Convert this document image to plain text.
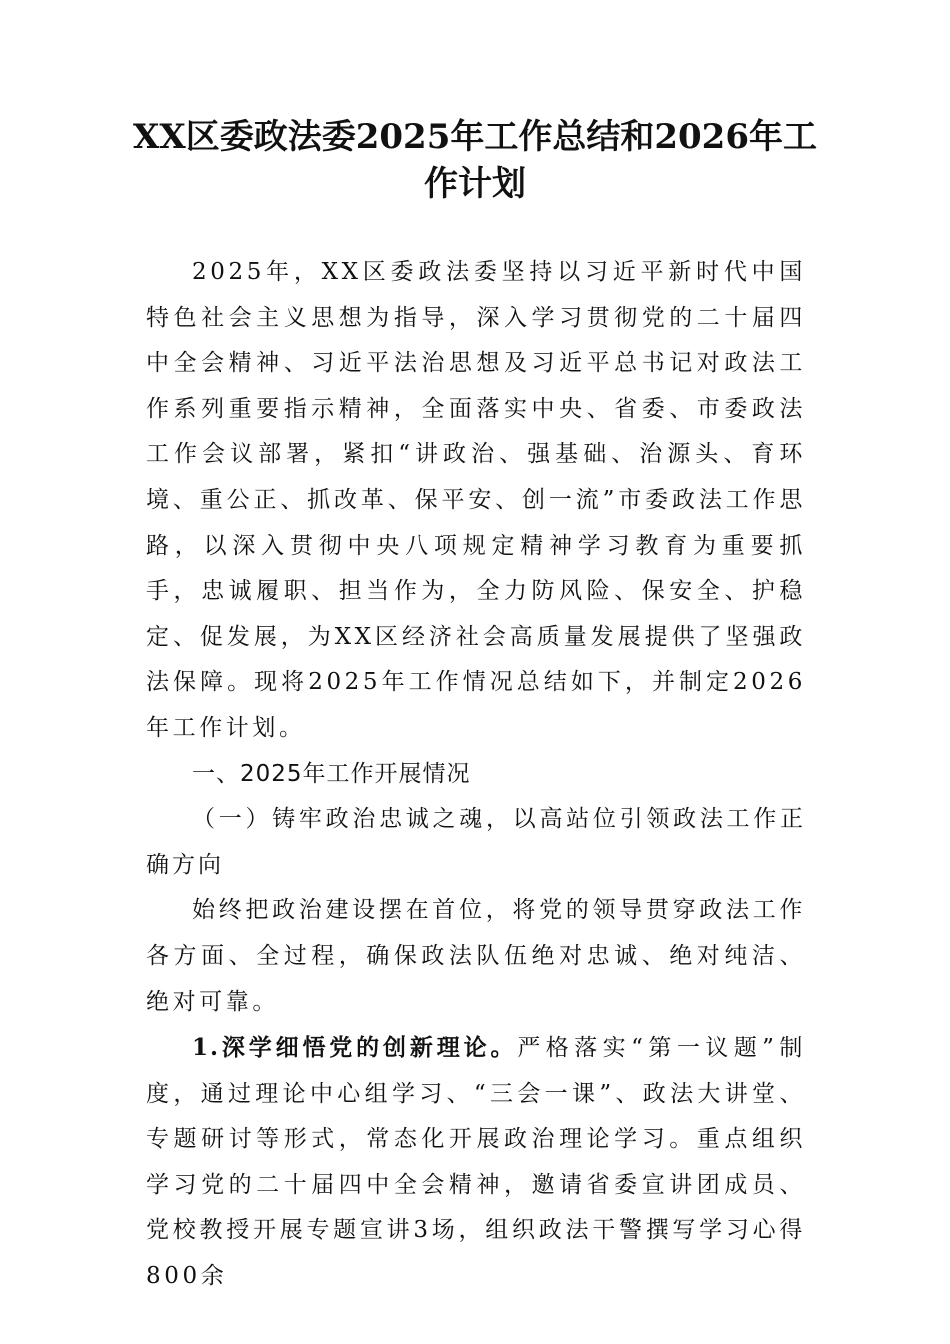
XX区委政法委2025年工作总结和2026年工作计划

2025年，XX区委政法委坚持以习近平新时代中国特色社会主义思想为指导，深入学习贯彻党的二十届四中全会精神、习近平法治思想及习近平总书记对政法工作系列重要指示精神，全面落实中央、省委、市委政法工作会议部署，紧扣“讲政治、强基础、治源头、育环境、重公正、抓改革、保平安、创一流”市委政法工作思路，以深入贯彻中央八项规定精神学习教育为重要抓手，忠诚履职、担当作为，全力防风险、保安全、护稳定、促发展，为XX区经济社会高质量发展提供了坚强政法保障。现将2025年工作情况总结如下，并制定2026年工作计划。

一、2025年工作开展情况

（一）铸牢政治忠诚之魂，以高站位引领政法工作正确方向

始终把政治建设摆在首位，将党的领导贯穿政法工作各方面、全过程，确保政法队伍绝对忠诚、绝对纯洁、绝对可靠。

1.深学细悟党的创新理论。严格落实“第一议题”制度，通过理论中心组学习、“三会一课”、政法大讲堂、专题研讨等形式，常态化开展政治理论学习。重点组织学习党的二十届四中全会精神，邀请省委宣讲团成员、党校教授开展专题宣讲3场，组织政法干警撰写学习心得800余
